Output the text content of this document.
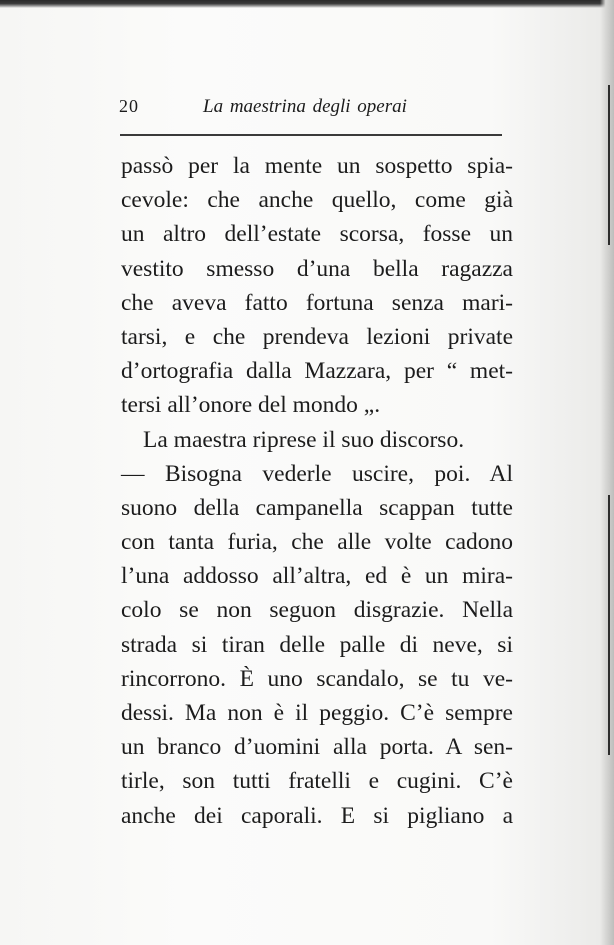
20	La maestrina degli operai
passò per la mente un sospetto spia-
cevole: che anche quello, come già
un altro dell’estate scorsa, fosse un
vestito smesso d’una bella ragazza
che aveva fatto fortuna senza mari-
tarsi, e che prendeva lezioni private
d’ortografia dalla Mazzara, per “ met-
tersi all’onore del mondo „.
La maestra riprese il suo discorso.
— Bisogna vederle uscire, poi. Al
suono della campanella scappan tutte
con tanta furia, che alle volte cadono
l’una addosso all’altra, ed è un mira-
colo se non seguon disgrazie. Nella
strada si tiran delle palle di neve, si
rincorrono. È uno scandalo, se tu ve-
dessi. Ma non è il peggio. C’è sempre
un branco d’uomini alla porta. A sen-
tirle, son tutti fratelli e cugini. C’è
anche dei caporali. E si pigliano a
